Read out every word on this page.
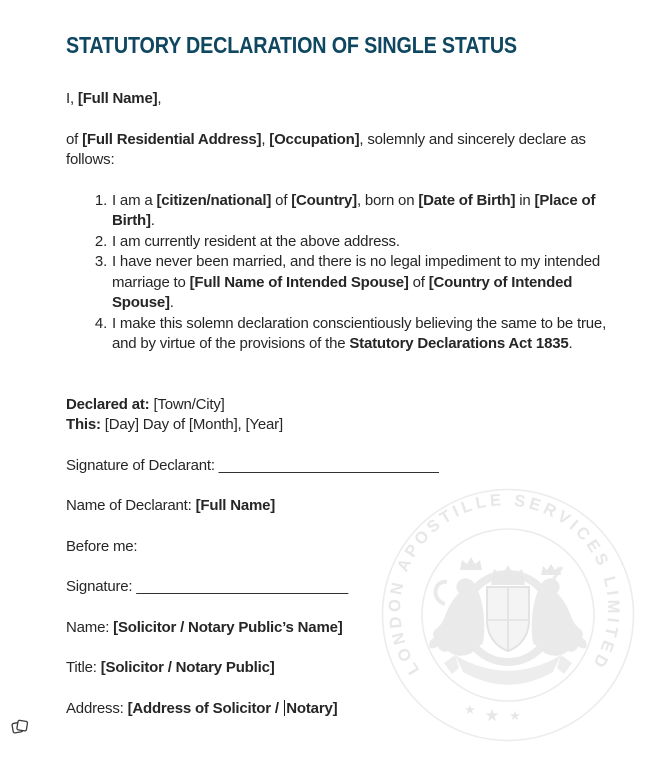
LONDON APOSTILLE SERVICES LIMITED
★ ★ ★
STATUTORY DECLARATION OF SINGLE STATUS

I, [Full Name],

of [Full Residential Address], [Occupation], solemnly and sincerely declare as follows:

1. I am a [citizen/national] of [Country], born on [Date of Birth] in [Place of Birth].
2. I am currently resident at the above address.
3. I have never been married, and there is no legal impediment to my intended marriage to [Full Name of Intended Spouse] of [Country of Intended Spouse].
4. I make this solemn declaration conscientiously believing the same to be true, and by virtue of the provisions of the Statutory Declarations Act 1835.

Declared at: [Town/City]
This: [Day] Day of [Month], [Year]

Signature of Declarant: ___________________________

Name of Declarant: [Full Name]

Before me:

Signature: __________________________

Name: [Solicitor / Notary Public’s Name]

Title: [Solicitor / Notary Public]

Address: [Address of Solicitor / Notary]
